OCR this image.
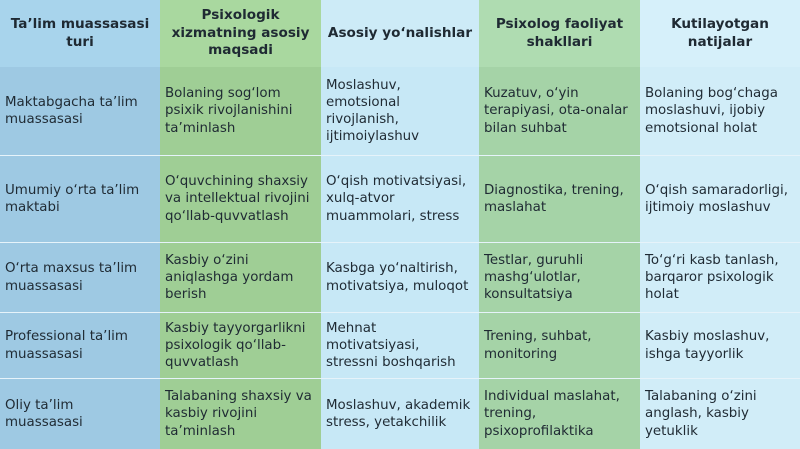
Ta’lim muassasasi turi
Psixologik xizmatning asosiy maqsadi
Asosiy yo‘nalishlar
Psixolog faoliyat shakllari
Kutilayotgan natijalar
Maktabgacha ta’lim muassasasi
Bolaning sog‘lom psixik rivojlanishini ta’minlash
Moslashuv, emotsional rivojlanish, ijtimoiylashuv
Kuzatuv, o‘yin terapiyasi, ota-onalar bilan suhbat
Bolaning bog‘chaga moslashuvi, ijobiy emotsional holat
Umumiy o‘rta ta’lim maktabi
O‘quvchining shaxsiy va intellektual rivojini qo‘llab-quvvatlash
O‘qish motivatsiyasi, xulq-atvor muammolari, stress
Diagnostika, trening, maslahat
O‘qish samaradorligi, ijtimoiy moslashuv
O‘rta maxsus ta’lim muassasasi
Kasbiy o‘zini aniqlashga yordam berish
Kasbga yo‘naltirish, motivatsiya, muloqot
Testlar, guruhli mashg‘ulotlar, konsultatsiya
To‘g‘ri kasb tanlash, barqaror psixologik holat
Professional ta’lim muassasasi
Kasbiy tayyorgarlikni psixologik qo‘llab-quvvatlash
Mehnat motivatsiyasi, stressni boshqarish
Trening, suhbat, monitoring
Kasbiy moslashuv, ishga tayyorlik
Oliy ta’lim muassasasi
Talabaning shaxsiy va kasbiy rivojini ta’minlash
Moslashuv, akademik stress, yetakchilik
Individual maslahat, trening, psixoprofilaktika
Talabaning o‘zini anglash, kasbiy yetuklik
